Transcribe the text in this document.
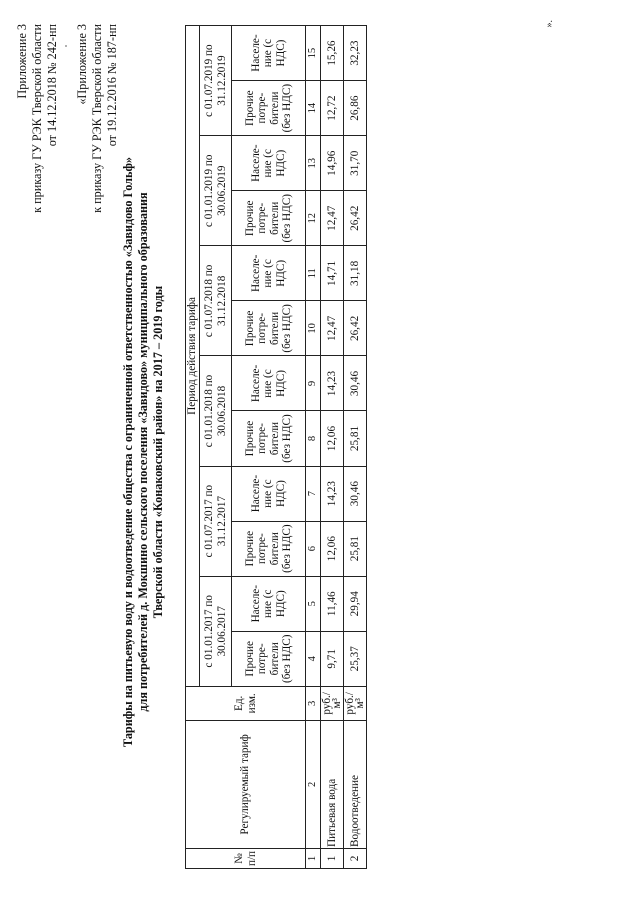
Приложение 3 к приказу ГУ РЭК Тверской области от 14.12.2018 № 242-нп «Приложение 3 к приказу ГУ РЭК Тверской области от 19.12.2016 № 187-нп
Тарифы на питьевую воду и водоотведение общества с ограниченной ответственностью «Завидово Гольф» для потребителей д. Мокшино сельского поселения «Завидово» муниципального образования Тверской области «Конаковский район» на 2017 – 2019 годы
№ п/п	Регулируемый тариф	Ед. изм.	Период действия тарифа											
			с 01.01.2017 по 30.06.2017		с 01.07.2017 по 31.12.2017		с 01.01.2018 по 30.06.2018		с 01.07.2018 по 31.12.2018		с 01.01.2019 по 30.06.2019		с 01.07.2019 по 31.12.2019	
			Прочие потре-бители (без НДС)	Населе-ние (с НДС)	Прочие потре-бители (без НДС)	Населе-ние (с НДС)	Прочие потре-бители (без НДС)	Населе-ние (с НДС)	Прочие потре-бители (без НДС)	Населе-ние (с НДС)	Прочие потре-бители (без НДС)	Населе-ние (с НДС)	Прочие потре-бители (без НДС)	Населе-ние (с НДС)
1	2	3	4	5	6	7	8	9	10	11	12	13	14	15
1	Питьевая вода	руб./м³	9,71	11,46	12,06	14,23	12,06	14,23	12,47	14,71	12,47	14,96	12,72	15,26
2	Водоотведение	руб./м³	25,37	29,94	25,81	30,46	25,81	30,46	26,42	31,18	26,42	31,70	26,86	32,23
».
